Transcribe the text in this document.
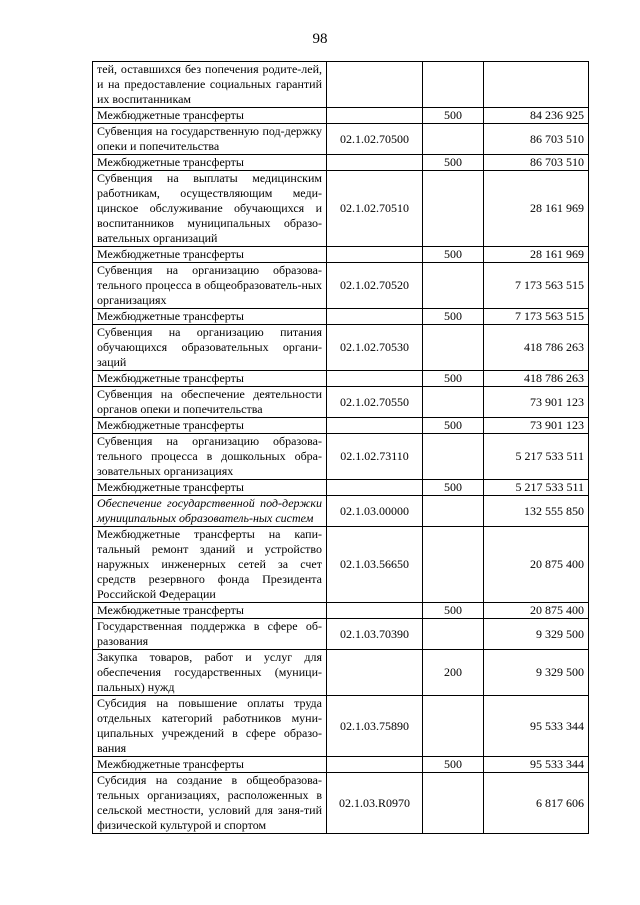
98
тей, оставшихся без попечения родите-лей, и на предоставление социальных гарантий их воспитанникам			
Межбюджетные трансферты		500	84 236 925
Субвенция на государственную под-держку опеки и попечительства	02.1.02.70500		86 703 510
Межбюджетные трансферты		500	86 703 510
Субвенция на выплаты медицинским работникам, осуществляющим меди-цинское обслуживание обучающихся и воспитанников муниципальных образо-вательных организаций	02.1.02.70510		28 161 969
Межбюджетные трансферты		500	28 161 969
Субвенция на организацию образова-тельного процесса в общеобразователь-ных организациях	02.1.02.70520		7 173 563 515
Межбюджетные трансферты		500	7 173 563 515
Субвенция на организацию питания обучающихся образовательных органи-заций	02.1.02.70530		418 786 263
Межбюджетные трансферты		500	418 786 263
Субвенция на обеспечение деятельности органов опеки и попечительства	02.1.02.70550		73 901 123
Межбюджетные трансферты		500	73 901 123
Субвенция на организацию образова-тельного процесса в дошкольных обра-зовательных организациях	02.1.02.73110		5 217 533 511
Межбюджетные трансферты		500	5 217 533 511
Обеспечение государственной под-держки муниципальных образователь-ных систем	02.1.03.00000		132 555 850
Межбюджетные трансферты на капи-тальный ремонт зданий и устройство наружных инженерных сетей за счет средств резервного фонда Президента Российской Федерации	02.1.03.56650		20 875 400
Межбюджетные трансферты		500	20 875 400
Государственная поддержка в сфере об-разования	02.1.03.70390		9 329 500
Закупка товаров, работ и услуг для обеспечения государственных (муници-пальных) нужд		200	9 329 500
Субсидия на повышение оплаты труда отдельных категорий работников муни-ципальных учреждений в сфере образо-вания	02.1.03.75890		95 533 344
Межбюджетные трансферты		500	95 533 344
Субсидия на создание в общеобразова-тельных организациях, расположенных в сельской местности, условий для заня-тий физической культурой и спортом	02.1.03.R0970		6 817 606
